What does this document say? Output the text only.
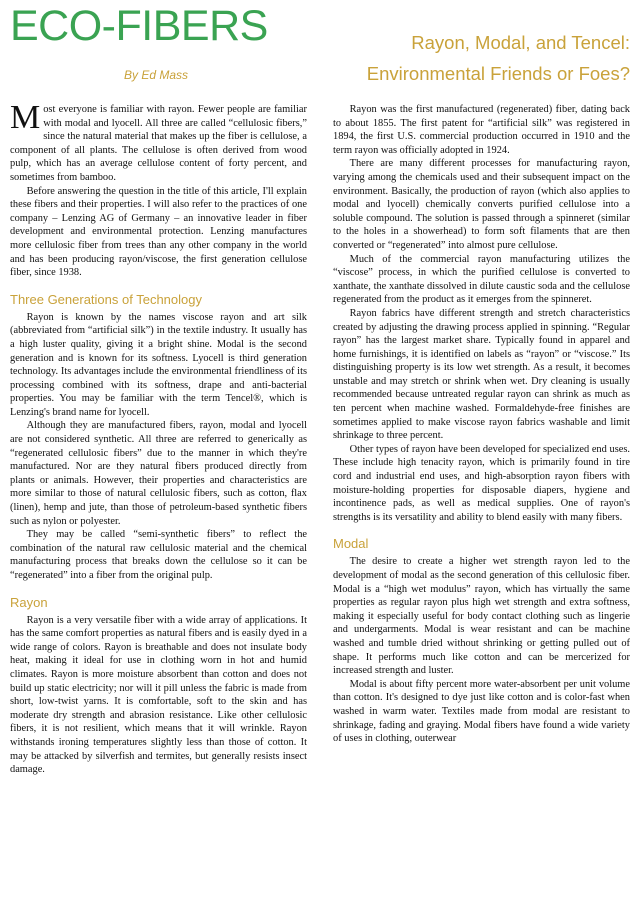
ECO-FIBERS
By Ed Mass
Rayon, Modal, and Tencel:
Environmental Friends or Foes?

Most everyone is familiar with rayon. Fewer people are familiar with modal and lyocell. All three are called “cellulosic fibers,” since the natural material that makes up the fiber is cellulose, a component of all plants. The cellulose is often derived from wood pulp, which has an average cellulose content of forty percent, and sometimes from bamboo.

Before answering the question in the title of this article, I'll explain these fibers and their properties. I will also refer to the practices of one company – Lenzing AG of Germany – an innovative leader in fiber development and environmental protection. Lenzing manufactures more cellulosic fiber from trees than any other company in the world and has been producing rayon/viscose, the first generation cellulose fiber, since 1938.

Three Generations of Technology

Rayon is known by the names viscose rayon and art silk (abbreviated from “artificial silk”) in the textile industry. It usually has a high luster quality, giving it a bright shine. Modal is the second generation and is known for its softness. Lyocell is third generation technology. Its advantages include the environmental friendliness of its processing combined with its softness, drape and anti-bacterial properties. You may be familiar with the term Tencel®, which is Lenzing's brand name for lyocell.

Although they are manufactured fibers, rayon, modal and lyocell are not considered synthetic. All three are referred to generically as “regenerated cellulosic fibers” due to the manner in which they're manufactured. Nor are they natural fibers produced directly from plants or animals. However, their properties and characteristics are more similar to those of natural cellulosic fibers, such as cotton, flax (linen), hemp and jute, than those of petroleum-based synthetic fibers such as nylon or polyester.

They may be called “semi-synthetic fibers” to reflect the combination of the natural raw cellulosic material and the chemical manufacturing process that breaks down the cellulose so it can be “regenerated” into a fiber from the original pulp.

Rayon

Rayon is a very versatile fiber with a wide array of applications. It has the same comfort properties as natural fibers and is easily dyed in a wide range of colors. Rayon is breathable and does not insulate body heat, making it ideal for use in clothing worn in hot and humid climates. Rayon is more moisture absorbent than cotton and does not build up static electricity; nor will it pill unless the fabric is made from short, low-twist yarns. It is comfortable, soft to the skin and has moderate dry strength and abrasion resistance. Like other cellulosic fibers, it is not resilient, which means that it will wrinkle. Rayon withstands ironing temperatures slightly less than those of cotton. It may be attacked by silverfish and termites, but generally resists insect damage.

Rayon was the first manufactured (regenerated) fiber, dating back to about 1855. The first patent for “artificial silk” was registered in 1894, the first U.S. commercial production occurred in 1910 and the term rayon was officially adopted in 1924.

There are many different processes for manufacturing rayon, varying among the chemicals used and their subsequent impact on the environment. Basically, the production of rayon (which also applies to modal and lyocell) chemically converts purified cellulose into a soluble compound. The solution is passed through a spinneret (similar to the holes in a showerhead) to form soft filaments that are then converted or “regenerated” into almost pure cellulose.

Much of the commercial rayon manufacturing utilizes the “viscose” process, in which the purified cellulose is converted to xanthate, the xanthate dissolved in dilute caustic soda and the cellulose regenerated from the product as it emerges from the spinneret.

Rayon fabrics have different strength and stretch characteristics created by adjusting the drawing process applied in spinning. “Regular rayon” has the largest market share. Typically found in apparel and home furnishings, it is identified on labels as “rayon” or “viscose.” Its distinguishing property is its low wet strength. As a result, it becomes unstable and may stretch or shrink when wet. Dry cleaning is usually recommended because untreated regular rayon can shrink as much as ten percent when machine washed. Formaldehyde-free finishes are sometimes applied to make viscose rayon fabrics washable and limit shrinkage to three percent.

Other types of rayon have been developed for specialized end uses. These include high tenacity rayon, which is primarily found in tire cord and industrial end uses, and high-absorption rayon fibers with moisture-holding properties for disposable diapers, hygiene and incontinence pads, as well as medical supplies. One of rayon's strengths is its versatility and ability to blend easily with many fibers.

Modal

The desire to create a higher wet strength rayon led to the development of modal as the second generation of this cellulosic fiber. Modal is a “high wet modulus” rayon, which has virtually the same properties as regular rayon plus high wet strength and extra softness, making it especially useful for body contact clothing such as lingerie and undergarments. Modal is wear resistant and can be machine washed and tumble dried without shrinking or getting pulled out of shape. It performs much like cotton and can be mercerized for increased strength and luster.

Modal is about fifty percent more water-absorbent per unit volume than cotton. It's designed to dye just like cotton and is color-fast when washed in warm water. Textiles made from modal are resistant to shrinkage, fading and graying. Modal fibers have found a wide variety of uses in clothing, outerwear
